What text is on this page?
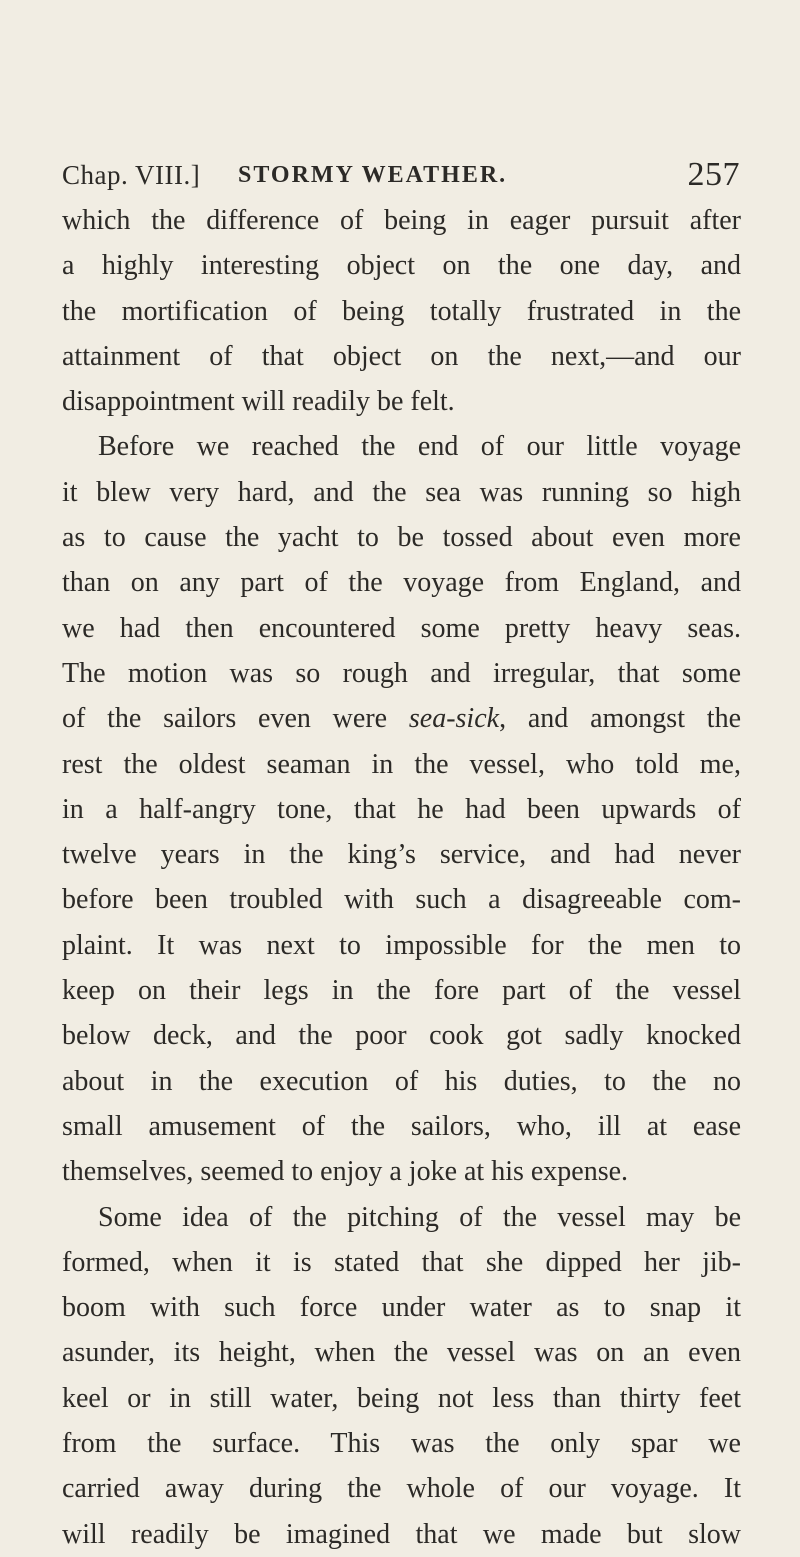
Chap. VIII.] STORMY WEATHER.	257
which the difference of being in eager pursuit after
a highly interesting object on the one day, and
the mortification of being totally frustrated in the
attainment of that object on the next,—and our
disappointment will readily be felt.
Before we reached the end of our little voyage
it blew very hard, and the sea was running so high
as to cause the yacht to be tossed about even more
than on any part of the voyage from England, and
we had then encountered some pretty heavy seas.
The motion was so rough and irregular, that some
of the sailors even were sea-sick, and amongst the
rest the oldest seaman in the vessel, who told me,
in a half-angry tone, that he had been upwards of
twelve years in the king’s service, and had never
before been troubled with such a disagreeable com-
plaint. It was next to impossible for the men to
keep on their legs in the fore part of the vessel
below deck, and the poor cook got sadly knocked
about in the execution of his duties, to the no
small amusement of the sailors, who, ill at ease
themselves, seemed to enjoy a joke at his expense.
Some idea of the pitching of the vessel may be
formed, when it is stated that she dipped her jib-
boom with such force under water as to snap it
asunder, its height, when the vessel was on an even
keel or in still water, being not less than thirty feet
from the surface. This was the only spar we
carried away during the whole of our voyage. It
will readily be imagined that we made but slow
